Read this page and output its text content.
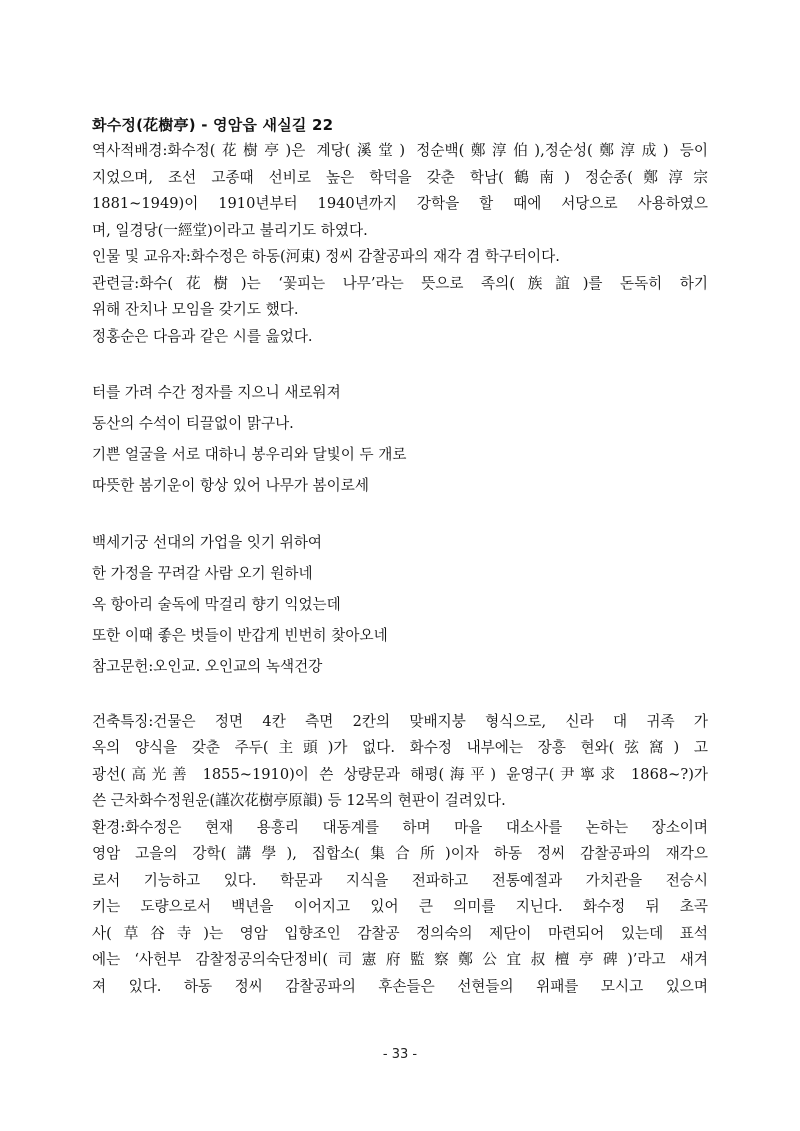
화수정(花樹亭) - 영암읍 새실길 22
역사적배경:화수정(花樹亭)은 계당(溪堂) 정순백(鄭淳伯),정순성(鄭淳成) 등이
지었으며, 조선 고종때 선비로 높은 학덕을 갖춘 학남(鶴南) 정순종(鄭淳宗
1881~1949)이 1910년부터 1940년까지 강학을 할 때에 서당으로 사용하였으
며, 일경당(一經堂)이라고 불리기도 하였다.
인물 및 교유자:화수정은 하동(河東) 정씨 감찰공파의 재각 겸 학구터이다.
관련글:화수(花樹)는 ‘꽃피는 나무’라는 뜻으로 족의(族誼)를 돈독히 하기
위해 잔치나 모임을 갖기도 했다.
정홍순은 다음과 같은 시를 읊었다.
터를 가려 수간 정자를 지으니 새로워져
동산의 수석이 티끌없이 맑구나.
기쁜 얼굴을 서로 대하니 봉우리와 달빛이 두 개로
따뜻한 봄기운이 항상 있어 나무가 봄이로세
백세기궁 선대의 가업을 잇기 위하여
한 가정을 꾸려갈 사람 오기 원하네
옥 항아리 술독에 막걸리 향기 익었는데
또한 이때 좋은 벗들이 반갑게 빈번히 찾아오네
참고문헌:오인교. 오인교의 녹색건강
건축특징:건물은 정면 4칸 측면 2칸의 맞배지붕 형식으로, 신라 대 귀족 가
옥의 양식을 갖춘 주두(主頭)가 없다. 화수정 내부에는 장흥 현와(弦窩) 고
광선(高光善 1855~1910)이 쓴 상량문과 해평(海平) 윤영구(尹寧求 1868~?)가
쓴 근차화수정원운(謹次花樹亭原韻) 등 12목의 현판이 걸려있다.
환경:화수정은 현재 용흥리 대동계를 하며 마을 대소사를 논하는 장소이며
영암 고을의 강학(講學), 집합소(集合所)이자 하동 정씨 감찰공파의 재각으
로서 기능하고 있다. 학문과 지식을 전파하고 전통예절과 가치관을 전승시
키는 도량으로서 백년을 이어지고 있어 큰 의미를 지닌다. 화수정 뒤 초곡
사(草谷寺)는 영암 입향조인 감찰공 정의숙의 제단이 마련되어 있는데 표석
에는 ‘사헌부 감찰정공의숙단정비(司憲府監察鄭公宜叔檀亭碑)’라고 새겨
져 있다. 하동 정씨 감찰공파의 후손들은 선현들의 위패를 모시고 있으며
- 33 -
